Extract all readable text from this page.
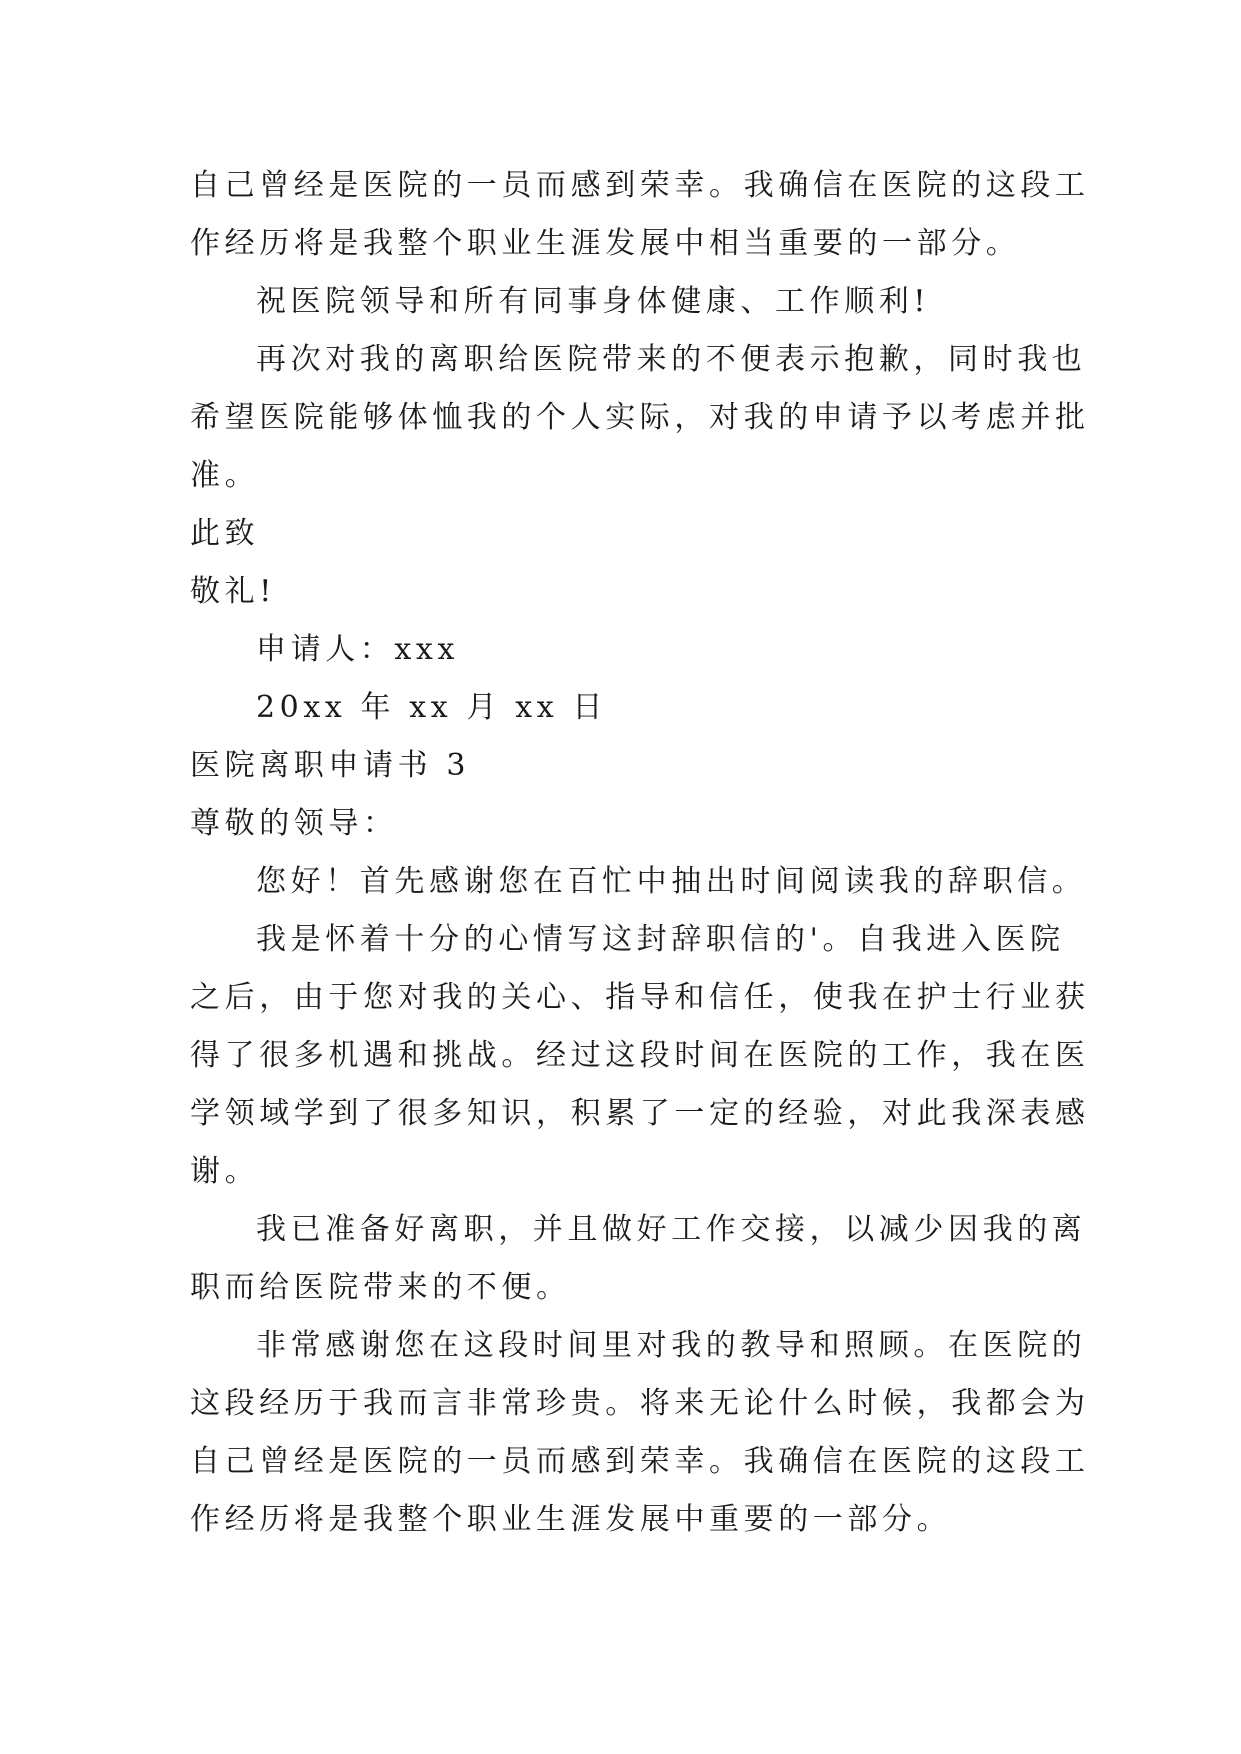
自己曾经是医院的一员而感到荣幸。我确信在医院的这段工

作经历将是我整个职业生涯发展中相当重要的一部分。

祝医院领导和所有同事身体健康、工作顺利!

再次对我的离职给医院带来的不便表示抱歉，同时我也

希望医院能够体恤我的个人实际，对我的申请予以考虑并批

准。

此致

敬礼!

申请人：xxx

20xx 年 xx 月 xx 日

医院离职申请书 3

尊敬的领导：

您好！首先感谢您在百忙中抽出时间阅读我的辞职信。

我是怀着十分的心情写这封辞职信的'。自我进入医院

之后，由于您对我的关心、指导和信任，使我在护士行业获

得了很多机遇和挑战。经过这段时间在医院的工作，我在医

学领域学到了很多知识，积累了一定的经验，对此我深表感

谢。

我已准备好离职，并且做好工作交接，以减少因我的离

职而给医院带来的不便。

非常感谢您在这段时间里对我的教导和照顾。在医院的

这段经历于我而言非常珍贵。将来无论什么时候，我都会为

自己曾经是医院的一员而感到荣幸。我确信在医院的这段工

作经历将是我整个职业生涯发展中重要的一部分。
